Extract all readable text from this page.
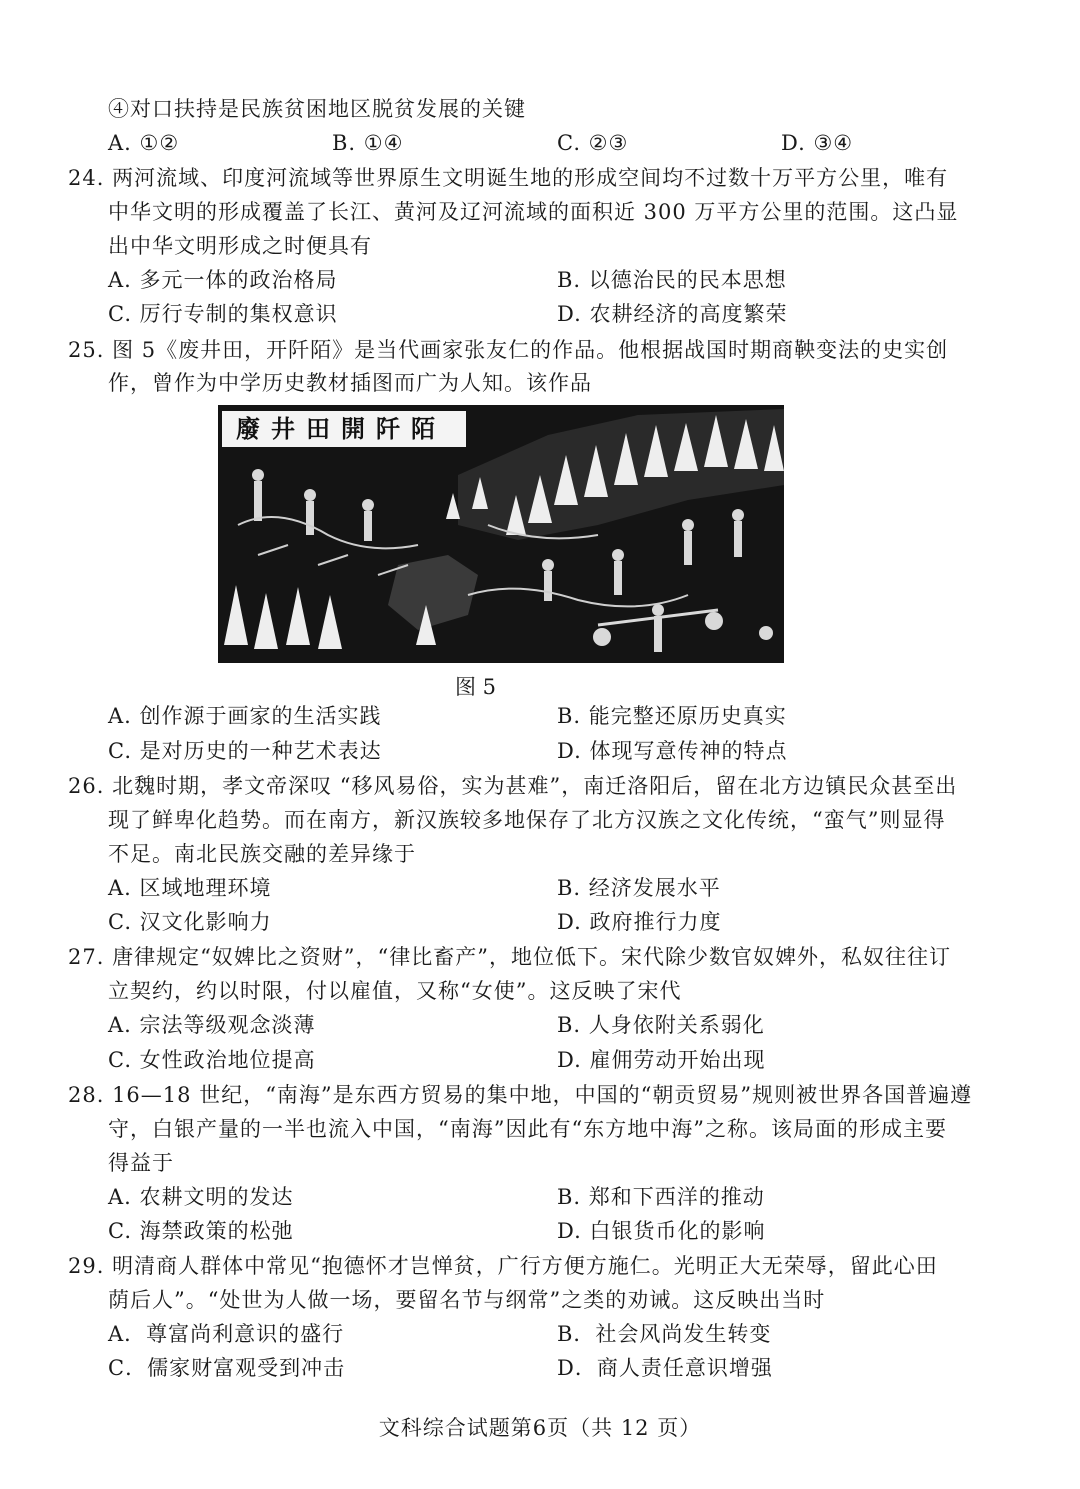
④对口扶持是民族贫困地区脱贫发展的关键
A. ①②	B. ①④	C. ②③	D. ③④
24. 两河流域、印度河流域等世界原生文明诞生地的形成空间均不过数十万平方公里，唯有
中华文明的形成覆盖了长江、黄河及辽河流域的面积近 300 万平方公里的范围。这凸显
出中华文明形成之时便具有
A. 多元一体的政治格局	B. 以德治民的民本思想
C. 厉行专制的集权意识	D. 农耕经济的高度繁荣
25. 图 5《废井田，开阡陌》是当代画家张友仁的作品。他根据战国时期商鞅变法的史实创
作，曾作为中学历史教材插图而广为人知。该作品
廢井田開阡陌
图 5
A. 创作源于画家的生活实践	B. 能完整还原历史真实
C. 是对历史的一种艺术表达	D. 体现写意传神的特点
26. 北魏时期，孝文帝深叹 “移风易俗，实为甚难”，南迁洛阳后，留在北方边镇民众甚至出
现了鲜卑化趋势。而在南方，新汉族较多地保存了北方汉族之文化传统，“蛮气”则显得
不足。南北民族交融的差异缘于
A. 区域地理环境	B. 经济发展水平
C. 汉文化影响力	D. 政府推行力度
27. 唐律规定“奴婢比之资财”，“律比畜产”，地位低下。宋代除少数官奴婢外，私奴往往订
立契约，约以时限，付以雇值，又称“女使”。这反映了宋代
A. 宗法等级观念淡薄	B. 人身依附关系弱化
C. 女性政治地位提高	D. 雇佣劳动开始出现
28. 16—18 世纪，“南海”是东西方贸易的集中地，中国的“朝贡贸易”规则被世界各国普遍遵
守，白银产量的一半也流入中国，“南海”因此有“东方地中海”之称。该局面的形成主要
得益于
A. 农耕文明的发达	B. 郑和下西洋的推动
C. 海禁政策的松弛	D. 白银货币化的影响
29. 明清商人群体中常见“抱德怀才岂惮贫，广行方便方施仁。光明正大无荣辱，留此心田
荫后人”。“处世为人做一场，要留名节与纲常”之类的劝诫。这反映出当时
A．尊富尚利意识的盛行	B．社会风尚发生转变
C．儒家财富观受到冲击	D．商人责任意识增强
文科综合试题第6页（共 12 页）
